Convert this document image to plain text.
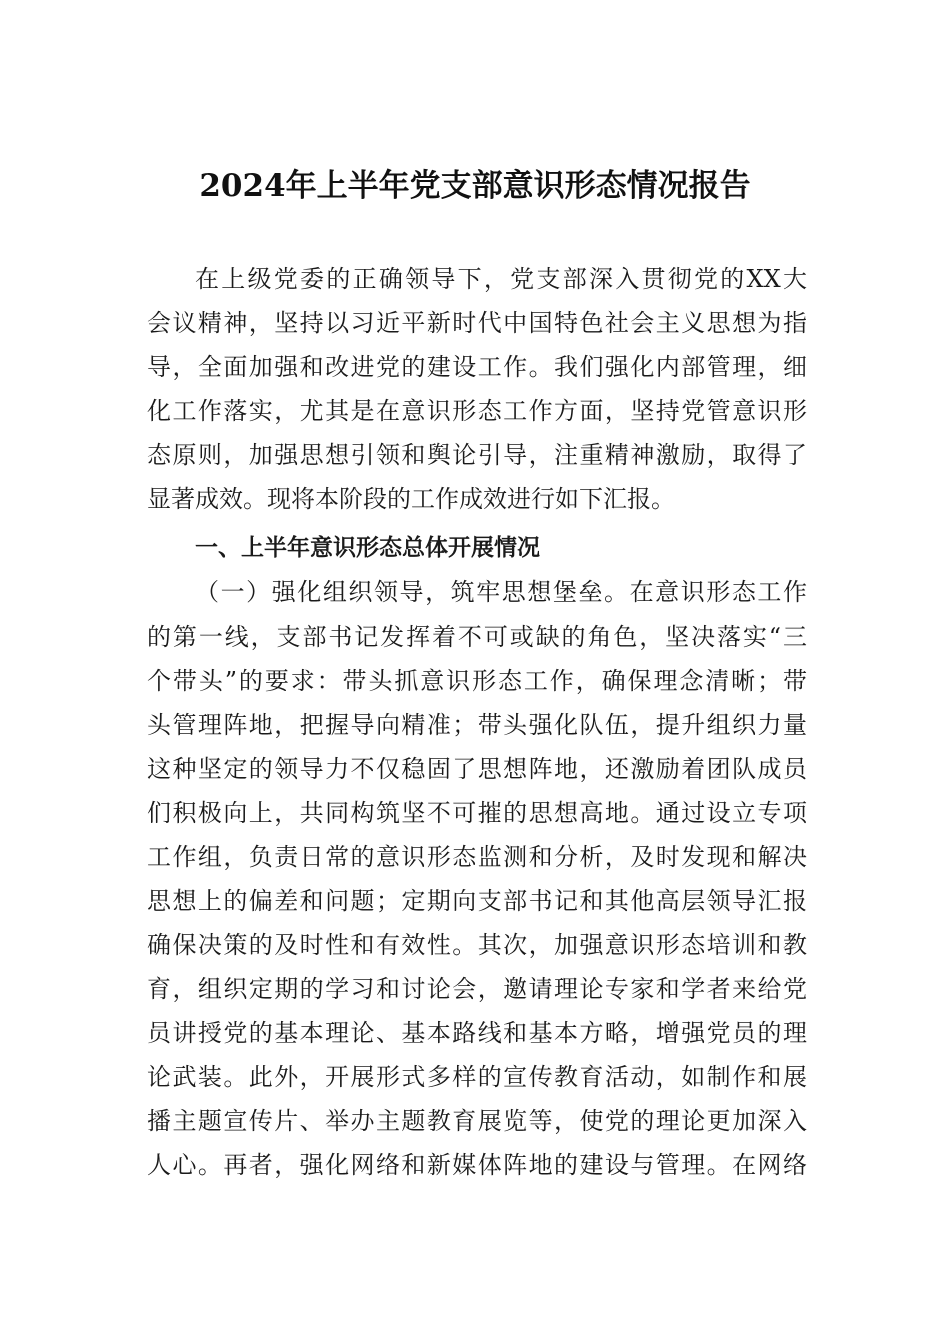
2024年上半年党支部意识形态情况报告
在上级党委的正确领导下，党支部深入贯彻党的XX大
会议精神，坚持以习近平新时代中国特色社会主义思想为指
导，全面加强和改进党的建设工作。我们强化内部管理，细
化工作落实，尤其是在意识形态工作方面，坚持党管意识形
态原则，加强思想引领和舆论引导，注重精神激励，取得了
显著成效。现将本阶段的工作成效进行如下汇报。
一、上半年意识形态总体开展情况
（一）强化组织领导，筑牢思想堡垒。在意识形态工作
的第一线，支部书记发挥着不可或缺的角色，坚决落实“三
个带头”的要求：带头抓意识形态工作，确保理念清晰；带
头管理阵地，把握导向精准；带头强化队伍，提升组织力量
这种坚定的领导力不仅稳固了思想阵地，还激励着团队成员
们积极向上，共同构筑坚不可摧的思想高地。通过设立专项
工作组，负责日常的意识形态监测和分析，及时发现和解决
思想上的偏差和问题；定期向支部书记和其他高层领导汇报
确保决策的及时性和有效性。其次，加强意识形态培训和教
育，组织定期的学习和讨论会，邀请理论专家和学者来给党
员讲授党的基本理论、基本路线和基本方略，增强党员的理
论武装。此外，开展形式多样的宣传教育活动，如制作和展
播主题宣传片、举办主题教育展览等，使党的理论更加深入
人心。再者，强化网络和新媒体阵地的建设与管理。在网络
